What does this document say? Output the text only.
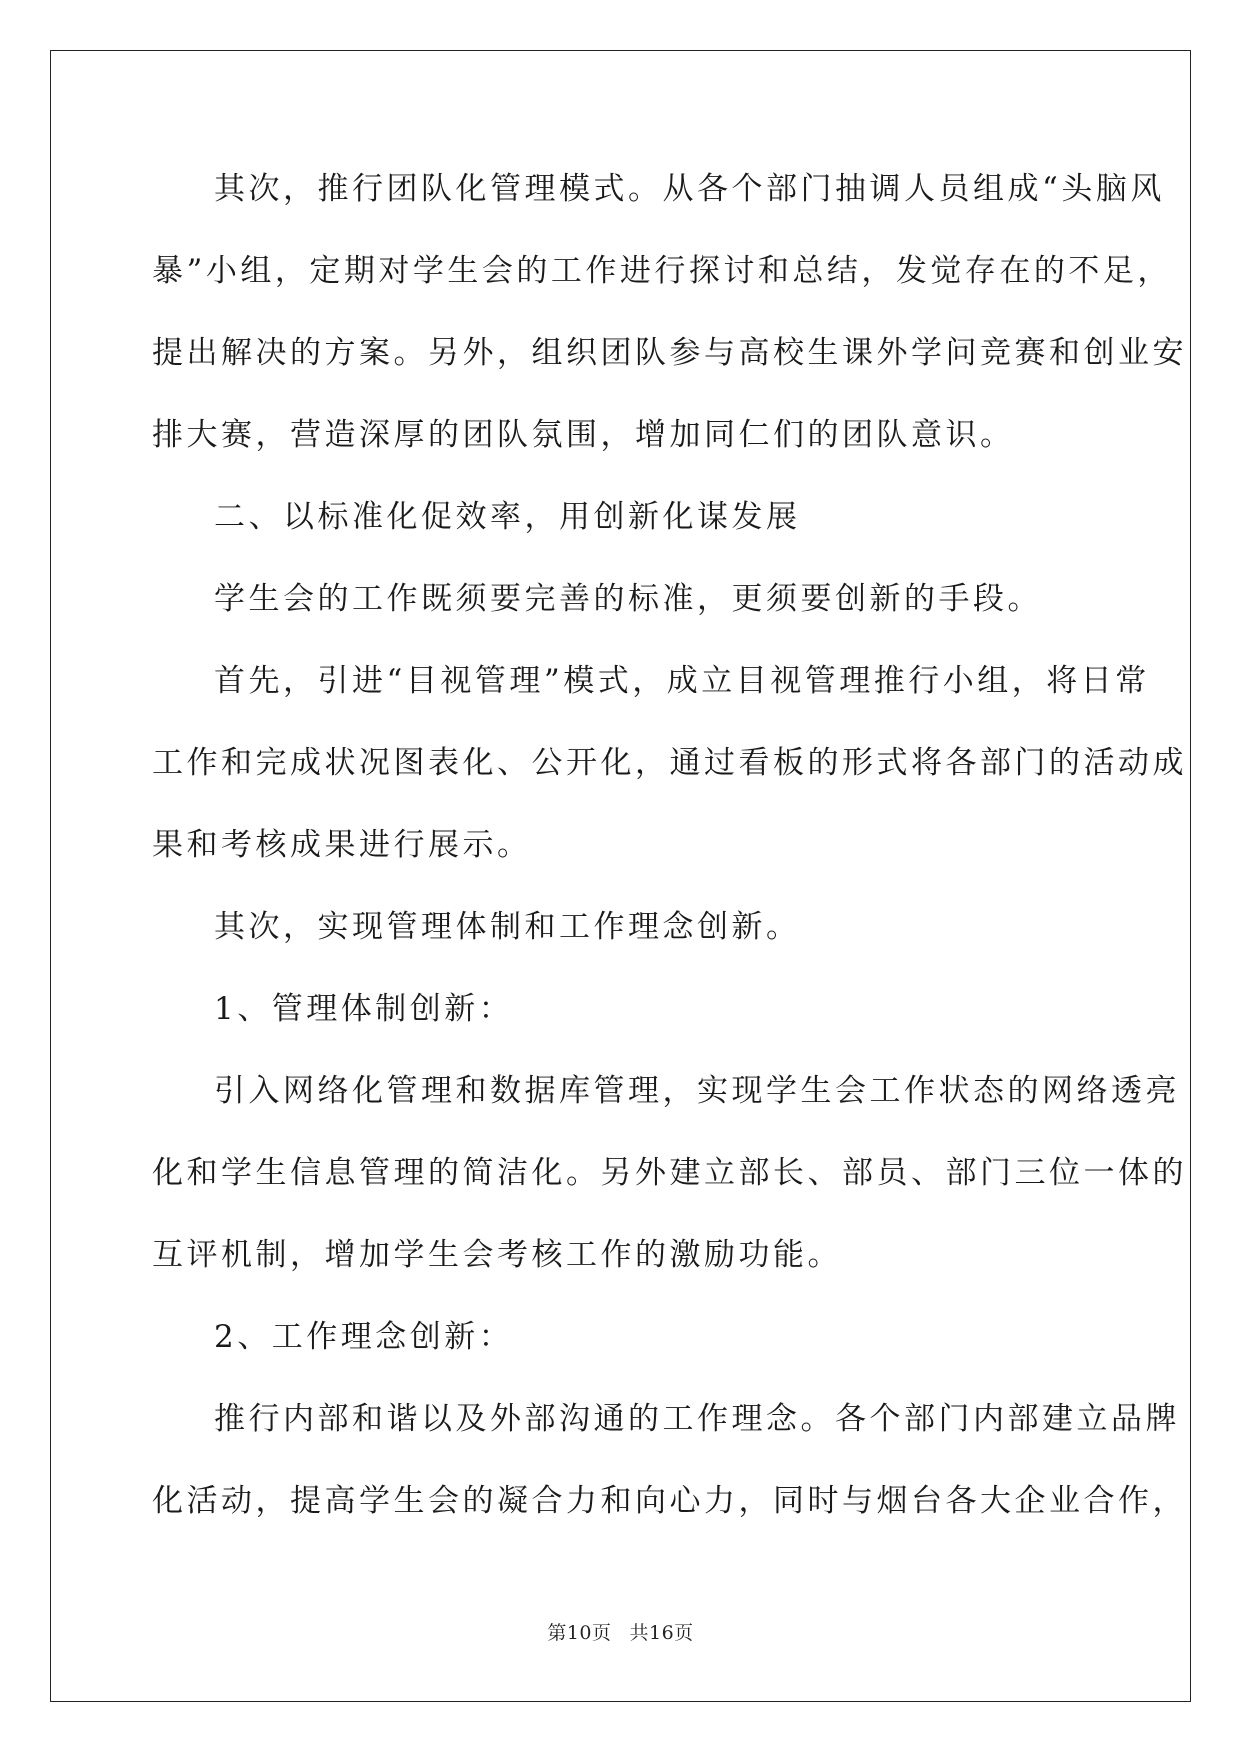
其次，推行团队化管理模式。从各个部门抽调人员组成“头脑风
暴”小组，定期对学生会的工作进行探讨和总结，发觉存在的不足，
提出解决的方案。另外，组织团队参与高校生课外学问竞赛和创业安
排大赛，营造深厚的团队氛围，增加同仁们的团队意识。
二、以标准化促效率，用创新化谋发展
学生会的工作既须要完善的标准，更须要创新的手段。
首先，引进“目视管理”模式，成立目视管理推行小组，将日常
工作和完成状况图表化、公开化，通过看板的形式将各部门的活动成
果和考核成果进行展示。
其次，实现管理体制和工作理念创新。
1、管理体制创新：
引入网络化管理和数据库管理，实现学生会工作状态的网络透亮
化和学生信息管理的简洁化。另外建立部长、部员、部门三位一体的
互评机制，增加学生会考核工作的激励功能。
2、工作理念创新：
推行内部和谐以及外部沟通的工作理念。各个部门内部建立品牌
化活动，提高学生会的凝合力和向心力，同时与烟台各大企业合作，
第10页 共16页
